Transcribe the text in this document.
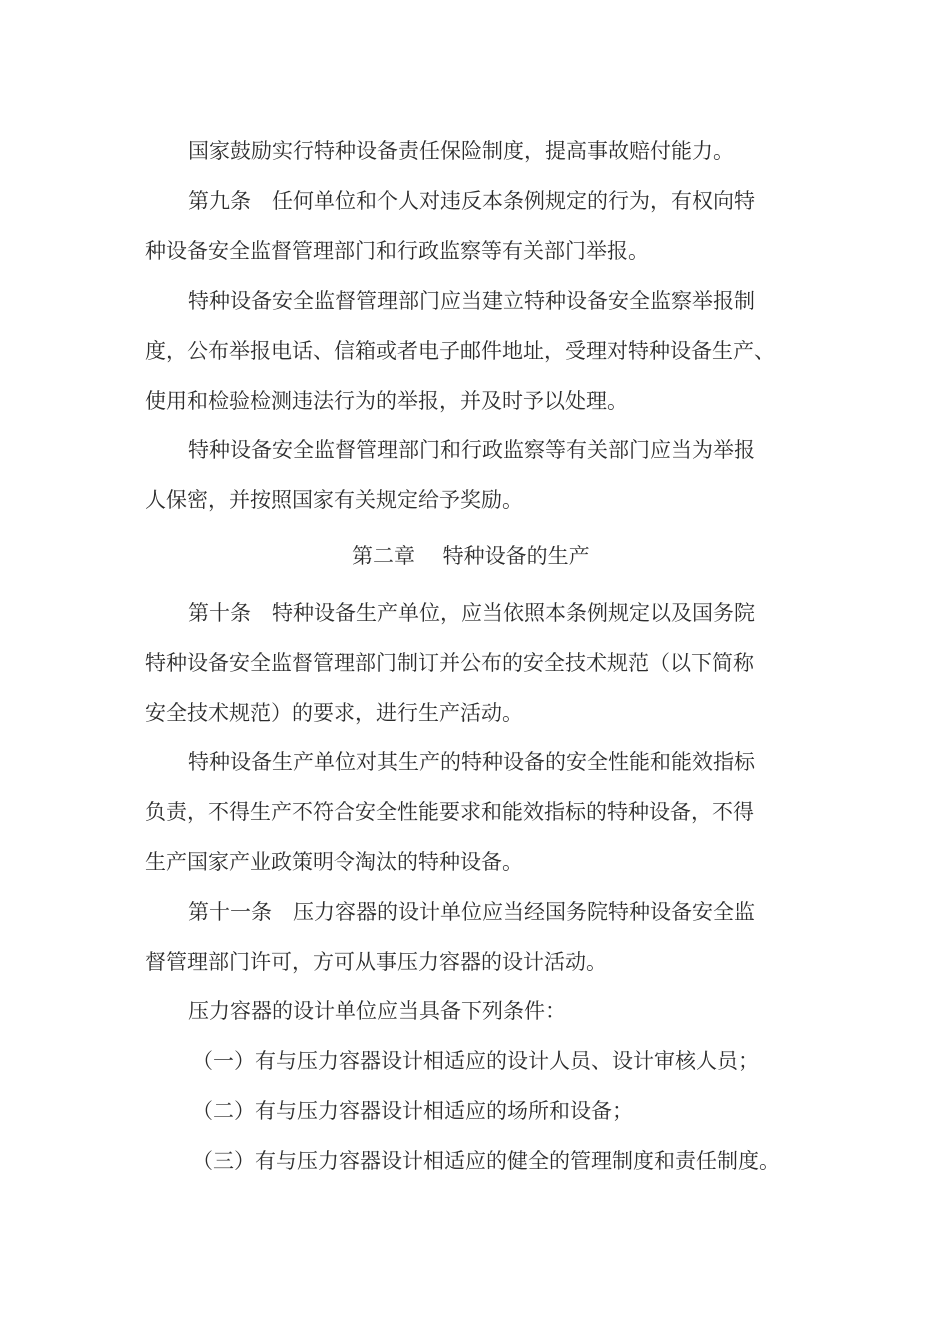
国家鼓励实行特种设备责任保险制度，提高事故赔付能力。
第九条　任何单位和个人对违反本条例规定的行为，有权向特
种设备安全监督管理部门和行政监察等有关部门举报。
特种设备安全监督管理部门应当建立特种设备安全监察举报制
度，公布举报电话、信箱或者电子邮件地址，受理对特种设备生产、
使用和检验检测违法行为的举报，并及时予以处理。
特种设备安全监督管理部门和行政监察等有关部门应当为举报
人保密，并按照国家有关规定给予奖励。
第二章　 特种设备的生产
第十条　特种设备生产单位，应当依照本条例规定以及国务院
特种设备安全监督管理部门制订并公布的安全技术规范（以下简称
安全技术规范）的要求，进行生产活动。
特种设备生产单位对其生产的特种设备的安全性能和能效指标
负责，不得生产不符合安全性能要求和能效指标的特种设备，不得
生产国家产业政策明令淘汰的特种设备。
第十一条　压力容器的设计单位应当经国务院特种设备安全监
督管理部门许可，方可从事压力容器的设计活动。
压力容器的设计单位应当具备下列条件：
（一）有与压力容器设计相适应的设计人员、设计审核人员；
（二）有与压力容器设计相适应的场所和设备；
（三）有与压力容器设计相适应的健全的管理制度和责任制度。
